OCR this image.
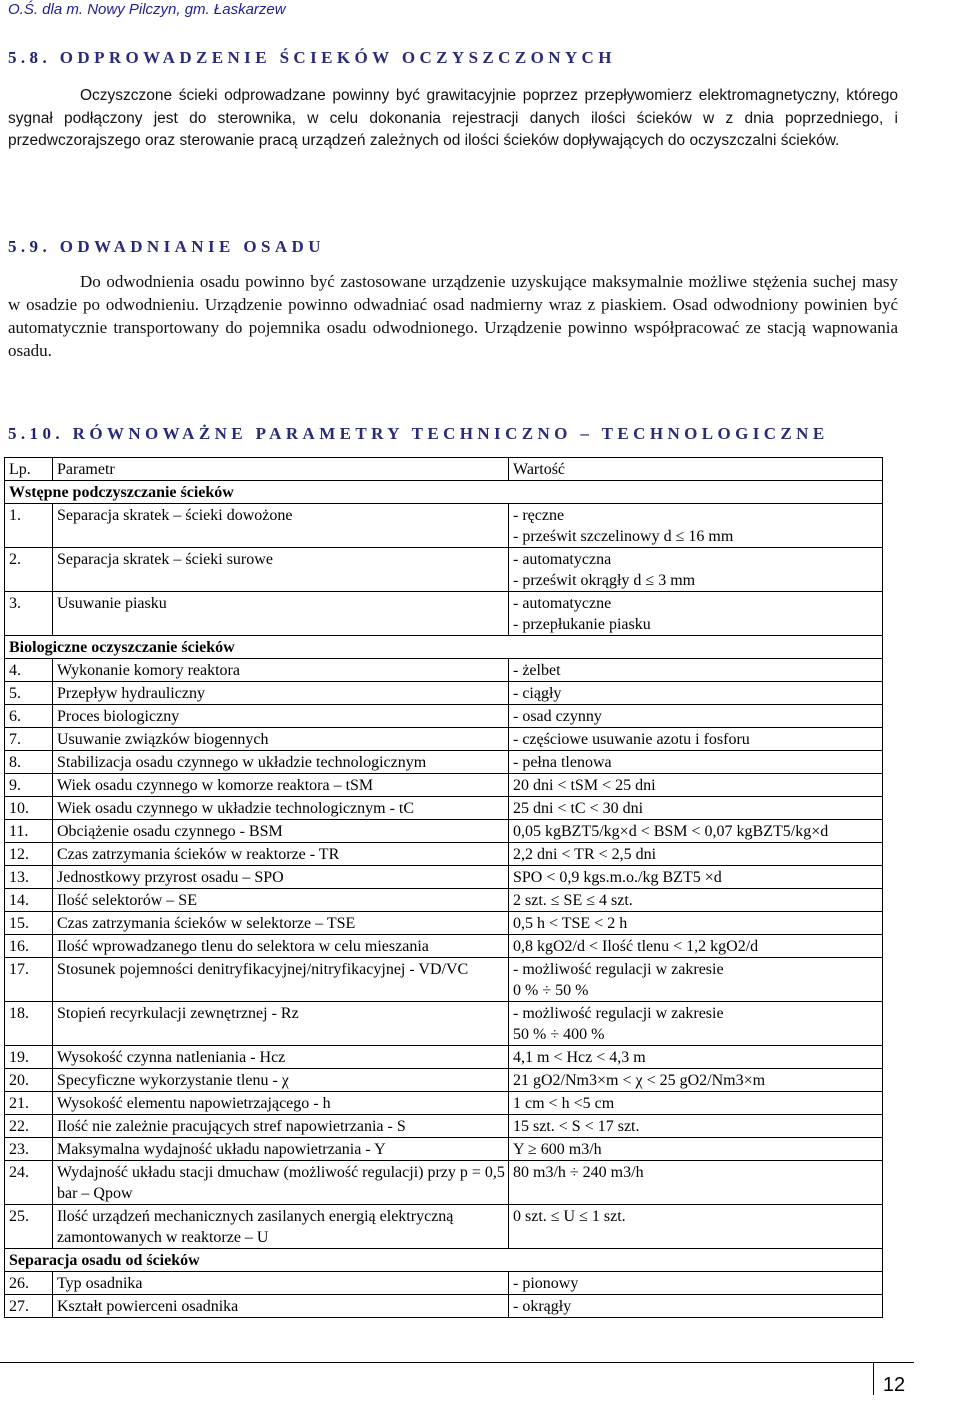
O.Ś. dla m. Nowy Pilczyn, gm. Łaskarzew
5.8. ODPROWADZENIE ŚCIEKÓW OCZYSZCZONYCH
Oczyszczone ścieki odprowadzane powinny być grawitacyjnie poprzez przepływomierz elektromagnetyczny, którego sygnał podłączony jest do sterownika, w celu dokonania rejestracji danych ilości ścieków w z dnia poprzedniego, i przedwczorajszego oraz sterowanie pracą urządzeń zależnych od ilości ścieków dopływających do oczyszczalni ścieków.
5.9. ODWADNIANIE OSADU
Do odwodnienia osadu powinno być zastosowane urządzenie uzyskujące maksymalnie możliwe stężenia suchej masy w osadzie po odwodnieniu. Urządzenie powinno odwadniać osad nadmierny wraz z piaskiem. Osad odwodniony powinien być automatycznie transportowany do pojemnika osadu odwodnionego. Urządzenie powinno współpracować ze stacją wapnowania osadu.
5.10. RÓWNOWAŻNE PARAMETRY TECHNICZNO – TECHNOLOGICZNE
Lp.	Parametr	Wartość
Wstępne podczyszczanie ścieków		
1.	Separacja skratek – ścieki dowożone	- ręczne
- prześwit szczelinowy d ≤ 16 mm

2.	Separacja skratek – ścieki surowe	- automatyczna
- prześwit okrągły d ≤ 3 mm

3.	Usuwanie piasku	- automatyczne
- przepłukanie piasku

Biologiczne oczyszczanie ścieków		
4.	Wykonanie komory reaktora	- żelbet

5.	Przepływ hydrauliczny	- ciągły

6.	Proces biologiczny	- osad czynny

7.	Usuwanie związków biogennych	- częściowe usuwanie azotu i fosforu

8.	Stabilizacja osadu czynnego w układzie technologicznym	- pełna tlenowa

9.	Wiek osadu czynnego w komorze reaktora – tSM	20 dni < tSM < 25 dni

10.	Wiek osadu czynnego w układzie technologicznym - tC	25 dni < tC < 30 dni

11.	Obciążenie osadu czynnego - BSM	0,05 kgBZT5/kg×d < BSM < 0,07 kgBZT5/kg×d

12.	Czas zatrzymania ścieków w reaktorze - TR	2,2 dni < TR < 2,5 dni

13.	Jednostkowy przyrost osadu – SPO	SPO < 0,9 kgs.m.o./kg BZT5 ×d

14.	Ilość selektorów – SE	2 szt. ≤ SE ≤ 4 szt.

15.	Czas zatrzymania ścieków w selektorze – TSE	0,5 h < TSE < 2 h

16.	Ilość wprowadzanego tlenu do selektora w celu mieszania	0,8 kgO2/d < Ilość tlenu < 1,2 kgO2/d

17.	Stosunek pojemności denitryfikacyjnej/nitryfikacyjnej - VD/VC	- możliwość regulacji w zakresie
0 % ÷ 50 %

18.	Stopień recyrkulacji zewnętrznej - Rz	- możliwość regulacji w zakresie
50 % ÷ 400 %

19.	Wysokość czynna natleniania - Hcz	4,1 m < Hcz < 4,3 m

20.	Specyficzne wykorzystanie tlenu - χ	21 gO2/Nm3×m < χ < 25 gO2/Nm3×m

21.	Wysokość elementu napowietrzającego - h	1 cm < h <5 cm

22.	Ilość nie zależnie pracujących stref napowietrzania - S	15 szt. < S < 17 szt.

23.	Maksymalna wydajność układu napowietrzania - Y	Y ≥ 600 m3/h

24.	Wydajność układu stacji dmuchaw (możliwość regulacji) przy p = 0,5 bar – Qpow	80 m3/h ÷ 240 m3/h

25.	Ilość urządzeń mechanicznych zasilanych energią elektryczną zamontowanych w reaktorze – U	0 szt. ≤ U ≤ 1 szt.

Separacja osadu od ścieków		
26.	Typ osadnika	- pionowy

27.	Kształt powierceni osadnika	- okrągły
12
